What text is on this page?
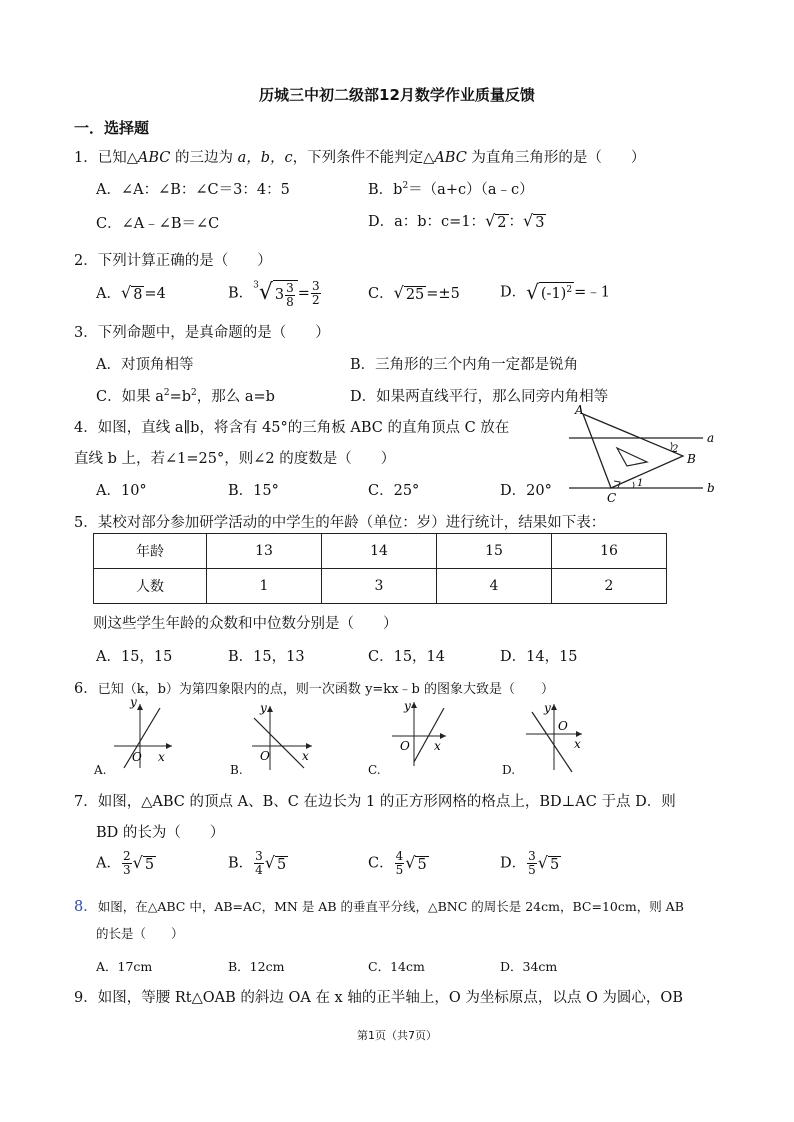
历城三中初二级部12月数学作业质量反馈
一．选择题
1．已知△ABC 的三边为 a，b，c，下列条件不能判定△ABC 为直角三角形的是（　　）
A．∠A：∠B：∠C＝3：4：5	B．$b^2=(a+c)(a﹣c)$
C．∠A﹣∠B＝∠C	D．a：b：c=1： √ 2 ： √ 3
2．下列计算正确的是（　　）
A． √ 8 =4	B．$^3$ √ $3 \frac{3}{8} = \frac{3}{2}$	C． √ 25 =±5	D． √ $(-1)^2$ =﹣1
3．下列命题中，是真命题的是（　　）
A．对顶角相等	B．三角形的三个内角一定都是锐角
C．如果 $a^2=b^2$，那么 a=b	D．如果两直线平行，那么同旁内角相等
4．如图，直线 a∥b，将含有 45°的三角板 ABC 的直角顶点 C 放在
直线 b 上，若∠1=25°，则∠2 的度数是（　　）
A．10°	B．15°	C．25°	D．20°
A
B
C
a
b
1
2
5．某校对部分参加研学活动的中学生的年龄（单位：岁）进行统计，结果如下表：
年龄	13	14	15	16
人数	1	3	4	2
则这些学生年龄的众数和中位数分别是（　　）
A．15，15	B．15，13	C．15，14	D．14，15
6．已知（k，b）为第四象限内的点，则一次函数 y=kx﹣b 的图象大致是（　　）
y
x
O
y
x
O
y
x
O
y
x
O
A.	B.	C.	D.
7．如图，△ABC 的顶点 A、B、C 在边长为 1 的正方形网格的格点上，BD⊥AC 于点 D．则
BD 的长为（　　）
A． $\frac{2}{3}$ √ 5	B． $\frac{3}{4}$ √ 5	C． $\frac{4}{5}$ √ 5	D． $\frac{3}{5}$ √ 5
8．如图，在△ABC 中，AB=AC，MN 是 AB 的垂直平分线，△BNC 的周长是 24cm，BC=10cm，则 AB
的长是（　　）
A．17cm	B．12cm	C．14cm	D．34cm
9．如图，等腰 Rt△OAB 的斜边 OA 在 x 轴的正半轴上，O 为坐标原点，以点 O 为圆心，OB
第1页（共7页）
